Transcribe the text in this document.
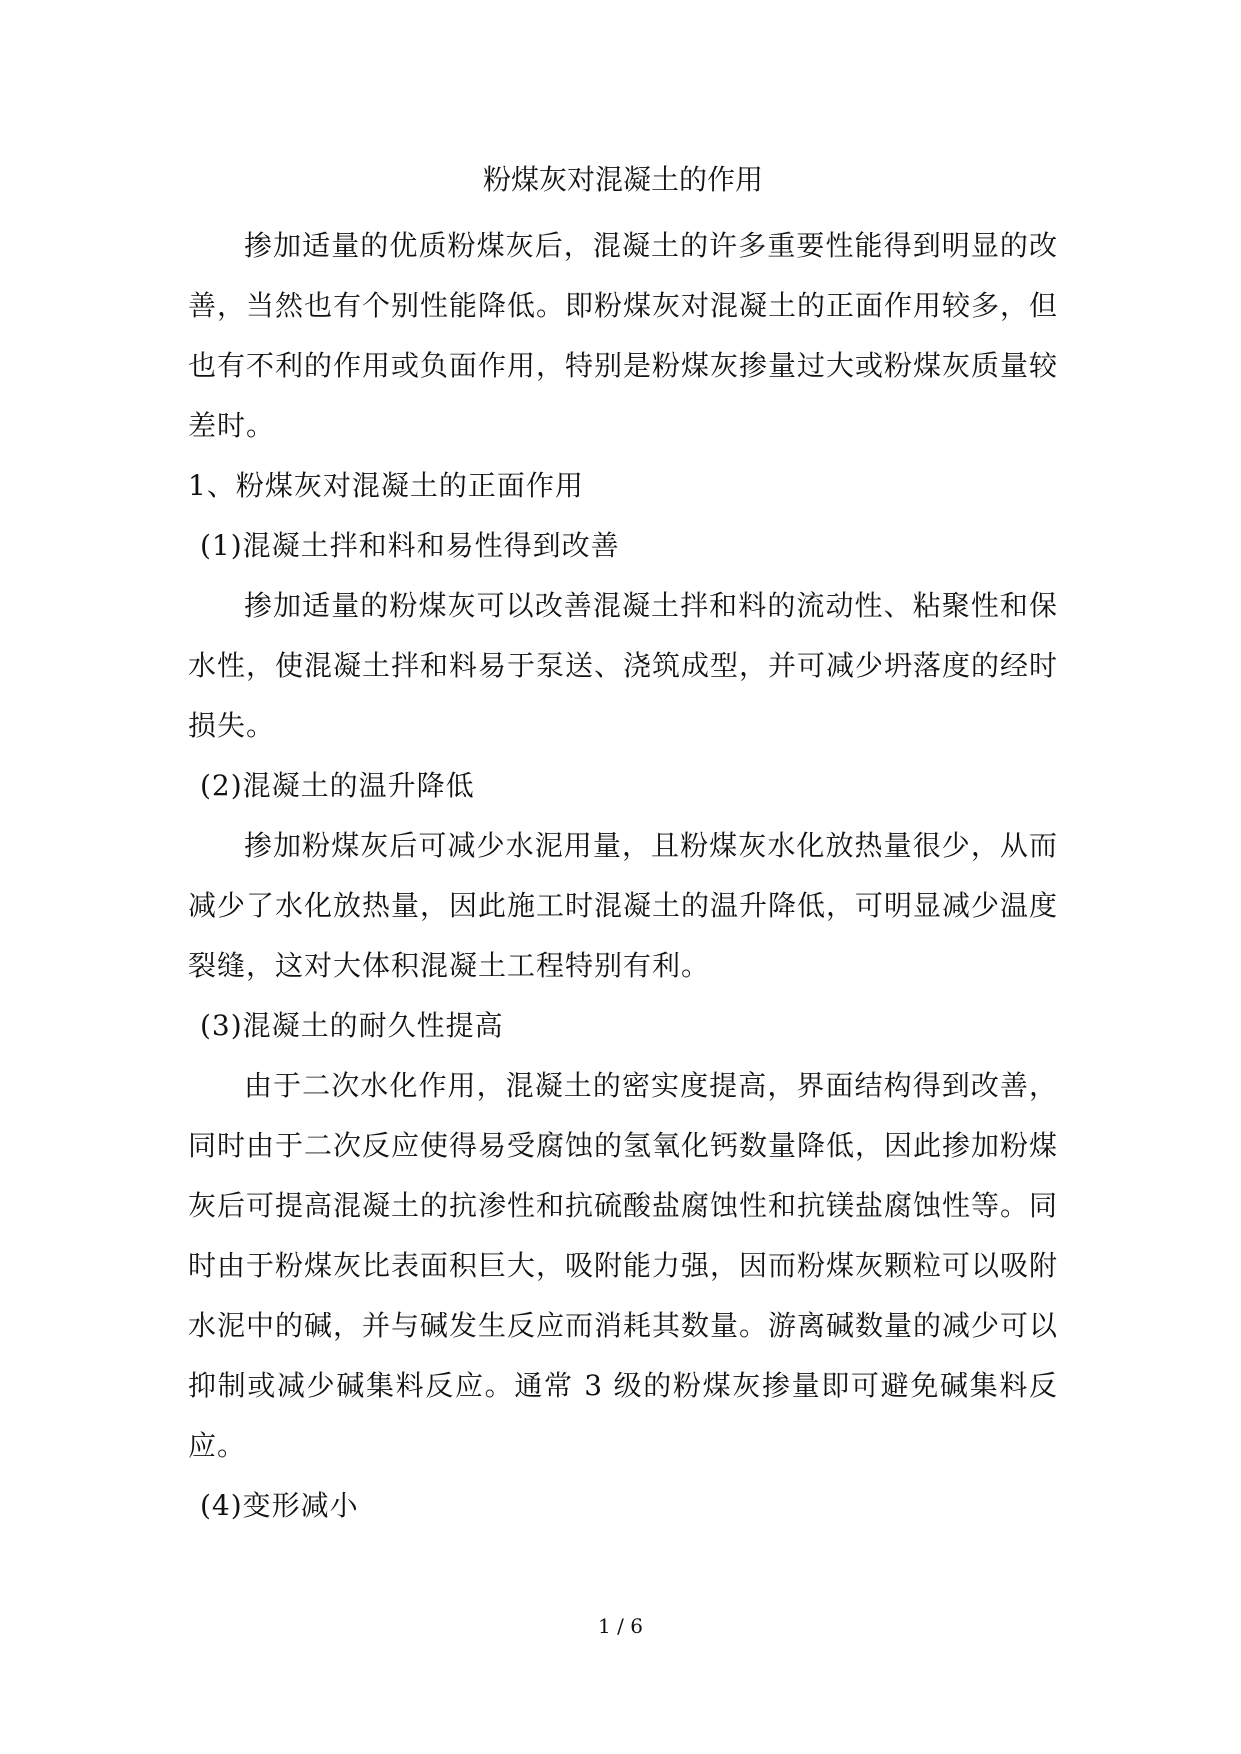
粉煤灰对混凝土的作用

掺加适量的优质粉煤灰后，混凝土的许多重要性能得到明显的改善，当然也有个别性能降低。即粉煤灰对混凝土的正面作用较多，但也有不利的作用或负面作用，特别是粉煤灰掺量过大或粉煤灰质量较差时。

1、粉煤灰对混凝土的正面作用

(1)混凝土拌和料和易性得到改善

掺加适量的粉煤灰可以改善混凝土拌和料的流动性、粘聚性和保水性，使混凝土拌和料易于泵送、浇筑成型，并可减少坍落度的经时损失。

(2)混凝土的温升降低

掺加粉煤灰后可减少水泥用量，且粉煤灰水化放热量很少，从而减少了水化放热量，因此施工时混凝土的温升降低，可明显减少温度裂缝，这对大体积混凝土工程特别有利。

(3)混凝土的耐久性提高

由于二次水化作用，混凝土的密实度提高，界面结构得到改善，同时由于二次反应使得易受腐蚀的氢氧化钙数量降低，因此掺加粉煤灰后可提高混凝土的抗渗性和抗硫酸盐腐蚀性和抗镁盐腐蚀性等。同时由于粉煤灰比表面积巨大，吸附能力强，因而粉煤灰颗粒可以吸附水泥中的碱，并与碱发生反应而消耗其数量。游离碱数量的减少可以抑制或减少碱集料反应。通常 3 级的粉煤灰掺量即可避免碱集料反应。

(4)变形减小

1 / 6
